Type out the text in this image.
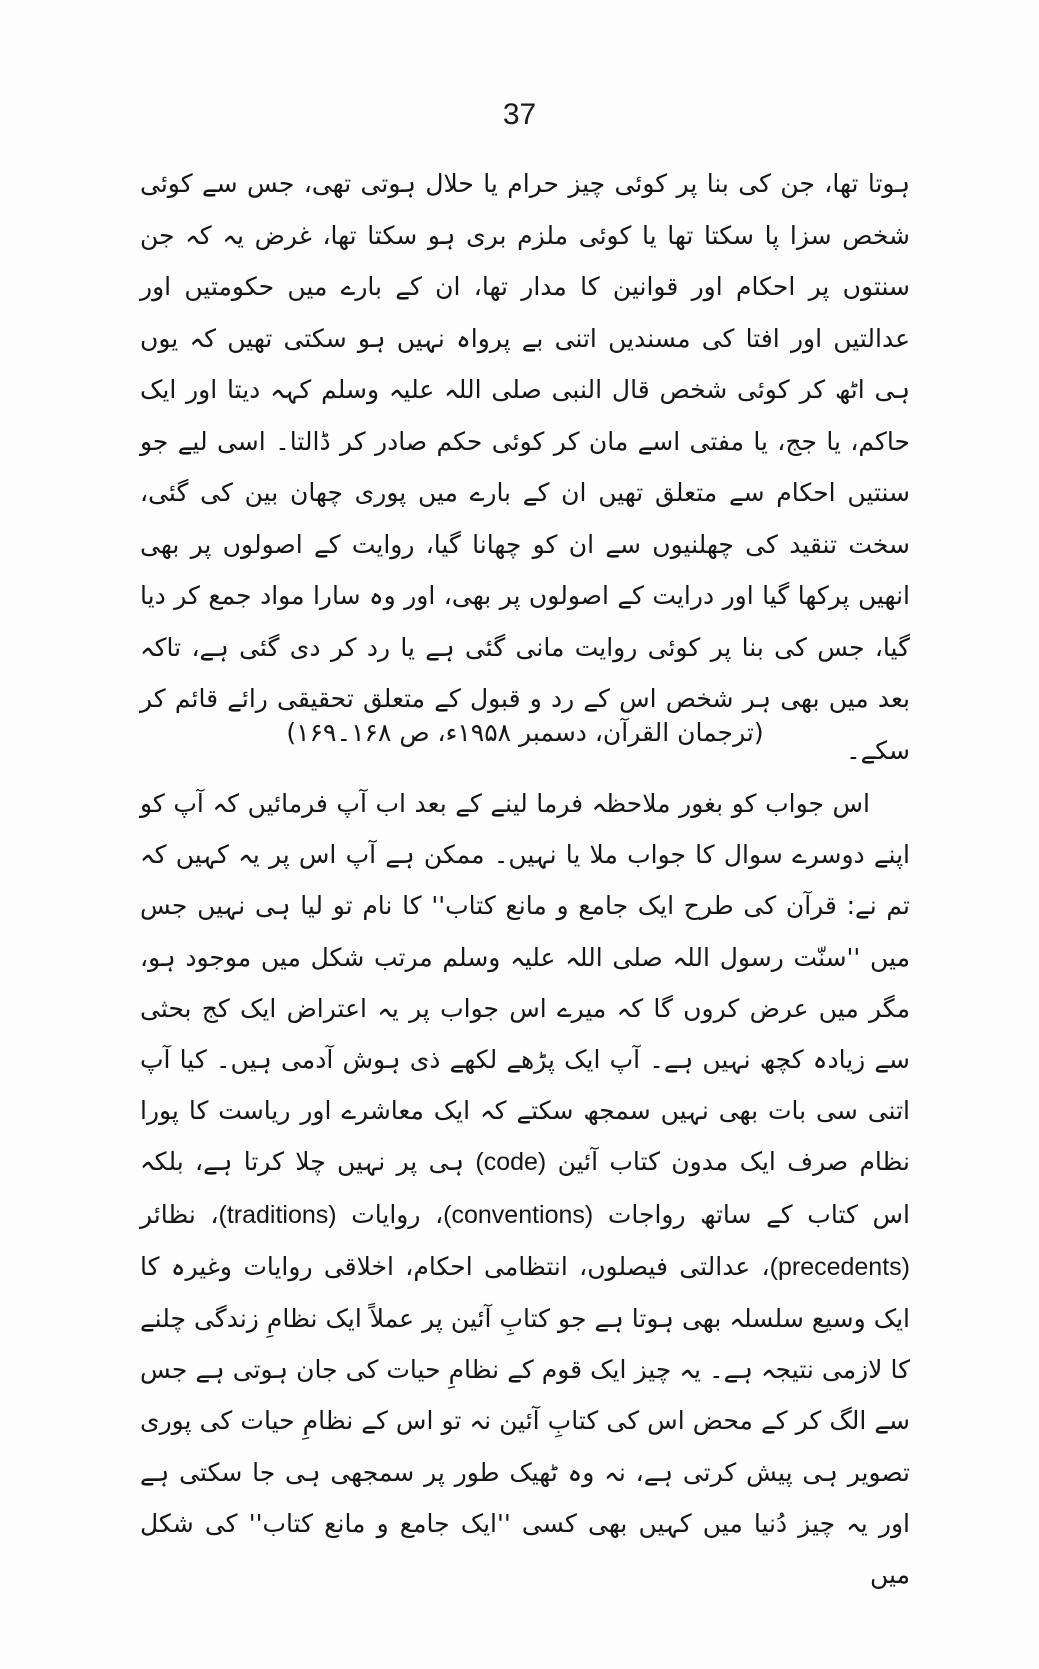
37
ہوتا تھا، جن کی بنا پر کوئی چیز حرام یا حلال ہوتی تھی، جس سے کوئی شخص سزا پا سکتا تھا یا کوئی ملزم بری ہو سکتا تھا، غرض یہ کہ جن سنتوں پر احکام اور قوانین کا مدار تھا، ان کے بارے میں حکومتیں اور عدالتیں اور افتا کی مسندیں اتنی بے پرواہ نہیں ہو سکتی تھیں کہ یوں ہی اٹھ کر کوئی شخص قال النبی صلی اللہ علیہ وسلم کہہ دیتا اور ایک حاکم، یا جج، یا مفتی اسے مان کر کوئی حکم صادر کر ڈالتا۔ اسی لیے جو سنتیں احکام سے متعلق تھیں ان کے بارے میں پوری چھان بین کی گئی، سخت تنقید کی چھلنیوں سے ان کو چھانا گیا، روایت کے اصولوں پر بھی انھیں پرکھا گیا اور درایت کے اصولوں پر بھی، اور وہ سارا مواد جمع کر دیا گیا، جس کی بنا پر کوئی روایت مانی گئی ہے یا رد کر دی گئی ہے، تاکہ بعد میں بھی ہر شخص اس کے رد و قبول کے متعلق تحقیقی رائے قائم کر سکے۔
(ترجمان القرآن، دسمبر ۱۹۵۸ء، ص ۱۶۸۔۱۶۹)
اس جواب کو بغور ملاحظہ فرما لینے کے بعد اب آپ فرمائیں کہ آپ کو اپنے دوسرے سوال کا جواب ملا یا نہیں۔ ممکن ہے آپ اس پر یہ کہیں کہ تم نے: قرآن کی طرح ایک جامع و مانع کتاب'' کا نام تو لیا ہی نہیں جس میں ''سنّت رسول اللہ صلی اللہ علیہ وسلم مرتب شکل میں موجود ہو، مگر میں عرض کروں گا کہ میرے اس جواب پر یہ اعتراض ایک کج بحثی سے زیادہ کچھ نہیں ہے۔ آپ ایک پڑھے لکھے ذی ہوش آدمی ہیں۔ کیا آپ اتنی سی بات بھی نہیں سمجھ سکتے کہ ایک معاشرے اور ریاست کا پورا نظام صرف ایک مدون کتاب آئین (code) ہی پر نہیں چلا کرتا ہے، بلکہ اس کتاب کے ساتھ رواجات (conventions)، روایات (traditions)، نظائر (precedents)، عدالتی فیصلوں، انتظامی احکام، اخلاقی روایات وغیرہ کا ایک وسیع سلسلہ بھی ہوتا ہے جو کتابِ آئین پر عملاً ایک نظامِ زندگی چلنے کا لازمی نتیجہ ہے۔ یہ چیز ایک قوم کے نظامِ حیات کی جان ہوتی ہے جس سے الگ کر کے محض اس کی کتابِ آئین نہ تو اس کے نظامِ حیات کی پوری تصویر ہی پیش کرتی ہے، نہ وہ ٹھیک طور پر سمجھی ہی جا سکتی ہے اور یہ چیز دُنیا میں کہیں بھی کسی ''ایک جامع و مانع کتاب'' کی شکل میں
